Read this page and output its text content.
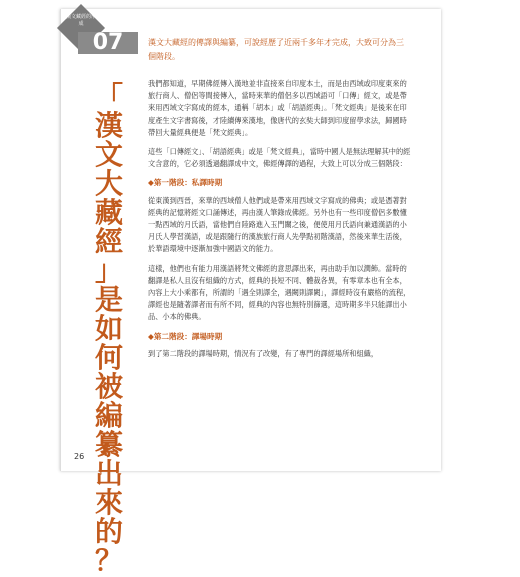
漢文藏經的形成
07	漢文大藏經的傳譯與編纂，可說經歷了近兩千多年才完成，大致可分為三個階段。
「
漢
文
大
藏
經
」
是
如
何
被
編
纂
出
來
的
？

我們都知道，早期佛經傳入漢地並非直接來自印度本土，而是由西域或印度東來的旅行商人、僧侶等間接傳入，當時來華的僧侶多以西域語可「口傳」經文，或是帶來用西域文字寫成的經本，通稱「胡本」或「胡語經典」。「梵文經典」是後來在印度產生文字書寫後，才陸續傳來漢地，像唐代的玄奘大師到印度留學求法，歸國時帶回大量經典便是「梵文經典」。

這些「口傳經文」、「胡語經典」或是「梵文經典」，當時中國人是無法理解其中的經文含意的，它必須透過翻譯成中文，佛經傳譯的過程，大致上可以分成三個階段：

◆第一階段：私譯時期

從東漢到西晉，來華的西域僧人他們或是帶來用西域文字寫成的佛典；或是憑著對經典的記憶將經文口誦傳述，再由漢人筆錄成佛經。另外也有一些印度僧侶多數懂一點西域的月氏語，當他們自陸路進入玉門關之後，便使用月氏語向兼通漢語的小月氏人學習漢語，或是跟隨行的漢族旅行商人先學點初階漢語，然後來華生活後，於華語環境中逐漸加強中國語文的能力。

這樣，他們也有能力用漢語將梵文佛經的意思譯出來，再由助手加以潤飾。當時的翻譯是私人且沒有組織的方式，經典的長短不同、體裁各異，有零章本也有全本，內容上大小乘都有，所謂的「遇全則譯全，遇闕則譯闕」，譯經時沒有嚴格的流程，譯經也是隨著譯者而有所不同，經典的內容也無特別篩選，這時期多半只能譯出小品、小本的佛典。

◆第二階段：譯場時期

到了第二階段的譯場時期，情況有了改變，有了專門的譯經場所和組織，

26
